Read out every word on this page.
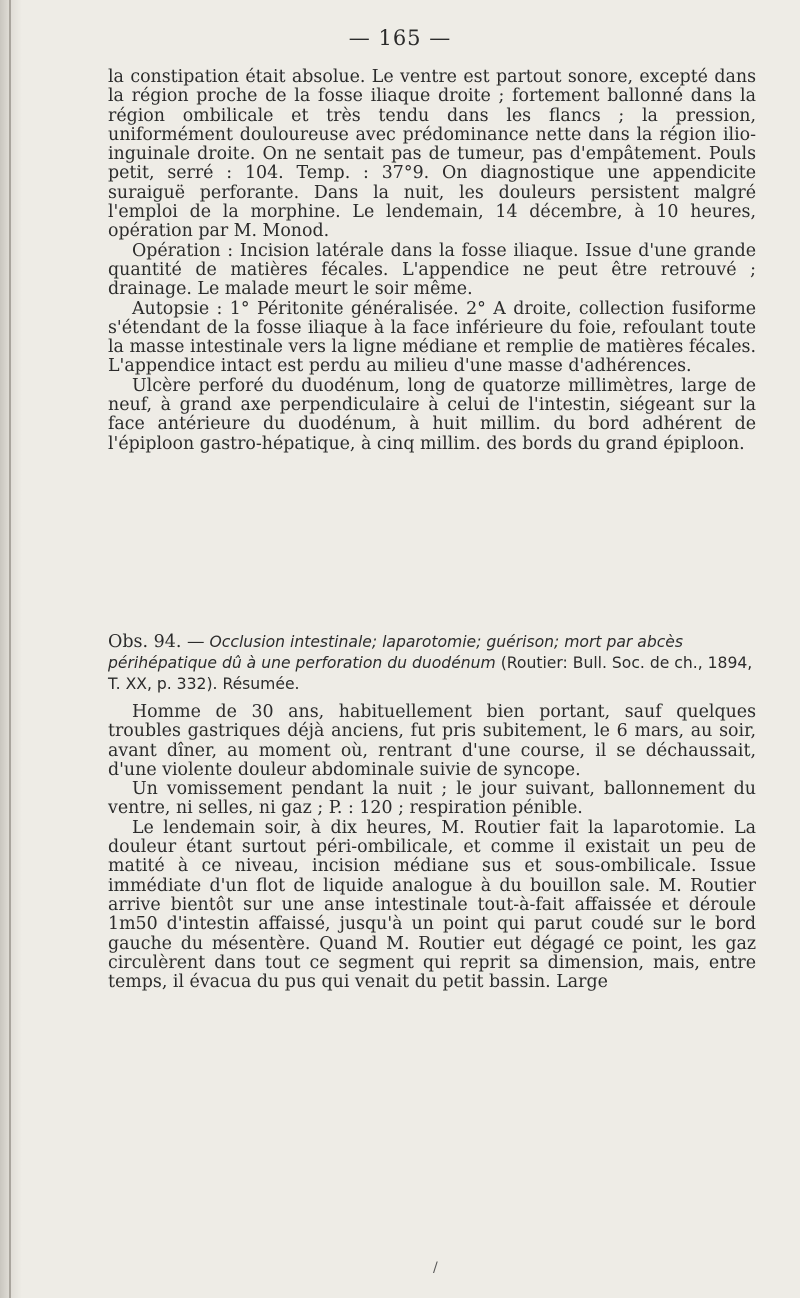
— 165 —

la constipation était absolue. Le ventre est partout sonore, excepté dans la région proche de la fosse iliaque droite ; fortement ballonné dans la région ombilicale et très tendu dans les flancs ; la pression, uniformément douloureuse avec prédominance nette dans la région ilio-inguinale droite. On ne sentait pas de tumeur, pas d'empâtement. Pouls petit, serré : 104. Temp. : 37°9. On diagnostique une appendicite suraiguë perforante. Dans la nuit, les douleurs persistent malgré l'emploi de la morphine. Le lendemain, 14 décembre, à 10 heures, opération par M. Monod.

Opération : Incision latérale dans la fosse iliaque. Issue d'une grande quantité de matières fécales. L'appendice ne peut être retrouvé ; drainage. Le malade meurt le soir même.

Autopsie : 1° Péritonite généralisée. 2° A droite, collection fusiforme s'étendant de la fosse iliaque à la face inférieure du foie, refoulant toute la masse intestinale vers la ligne médiane et remplie de matières fécales. L'appendice intact est perdu au milieu d'une masse d'adhérences.

Ulcère perforé du duodénum, long de quatorze millimètres, large de neuf, à grand axe perpendiculaire à celui de l'intestin, siégeant sur la face antérieure du duodénum, à huit millim. du bord adhérent de l'épiploon gastro-hépatique, à cinq millim. des bords du grand épiploon.

Obs. 94. — Occlusion intestinale; laparotomie; guérison; mort par abcès périhépatique dû à une perforation du duodénum (Routier: Bull. Soc. de ch., 1894, T. XX, p. 332). Résumée.

Homme de 30 ans, habituellement bien portant, sauf quelques troubles gastriques déjà anciens, fut pris subitement, le 6 mars, au soir, avant dîner, au moment où, rentrant d'une course, il se déchaussait, d'une violente douleur abdominale suivie de syncope.

Un vomissement pendant la nuit ; le jour suivant, ballonnement du ventre, ni selles, ni gaz ; P. : 120 ; respiration pénible.

Le lendemain soir, à dix heures, M. Routier fait la laparotomie. La douleur étant surtout péri-ombilicale, et comme il existait un peu de matité à ce niveau, incision médiane sus et sous-ombilicale. Issue immédiate d'un flot de liquide analogue à du bouillon sale. M. Routier arrive bientôt sur une anse intestinale tout-à-fait affaissée et déroule 1m50 d'intestin affaissé, jusqu'à un point qui parut coudé sur le bord gauche du mésentère. Quand M. Routier eut dégagé ce point, les gaz circulèrent dans tout ce segment qui reprit sa dimension, mais, entre temps, il évacua du pus qui venait du petit bassin. Large

/
